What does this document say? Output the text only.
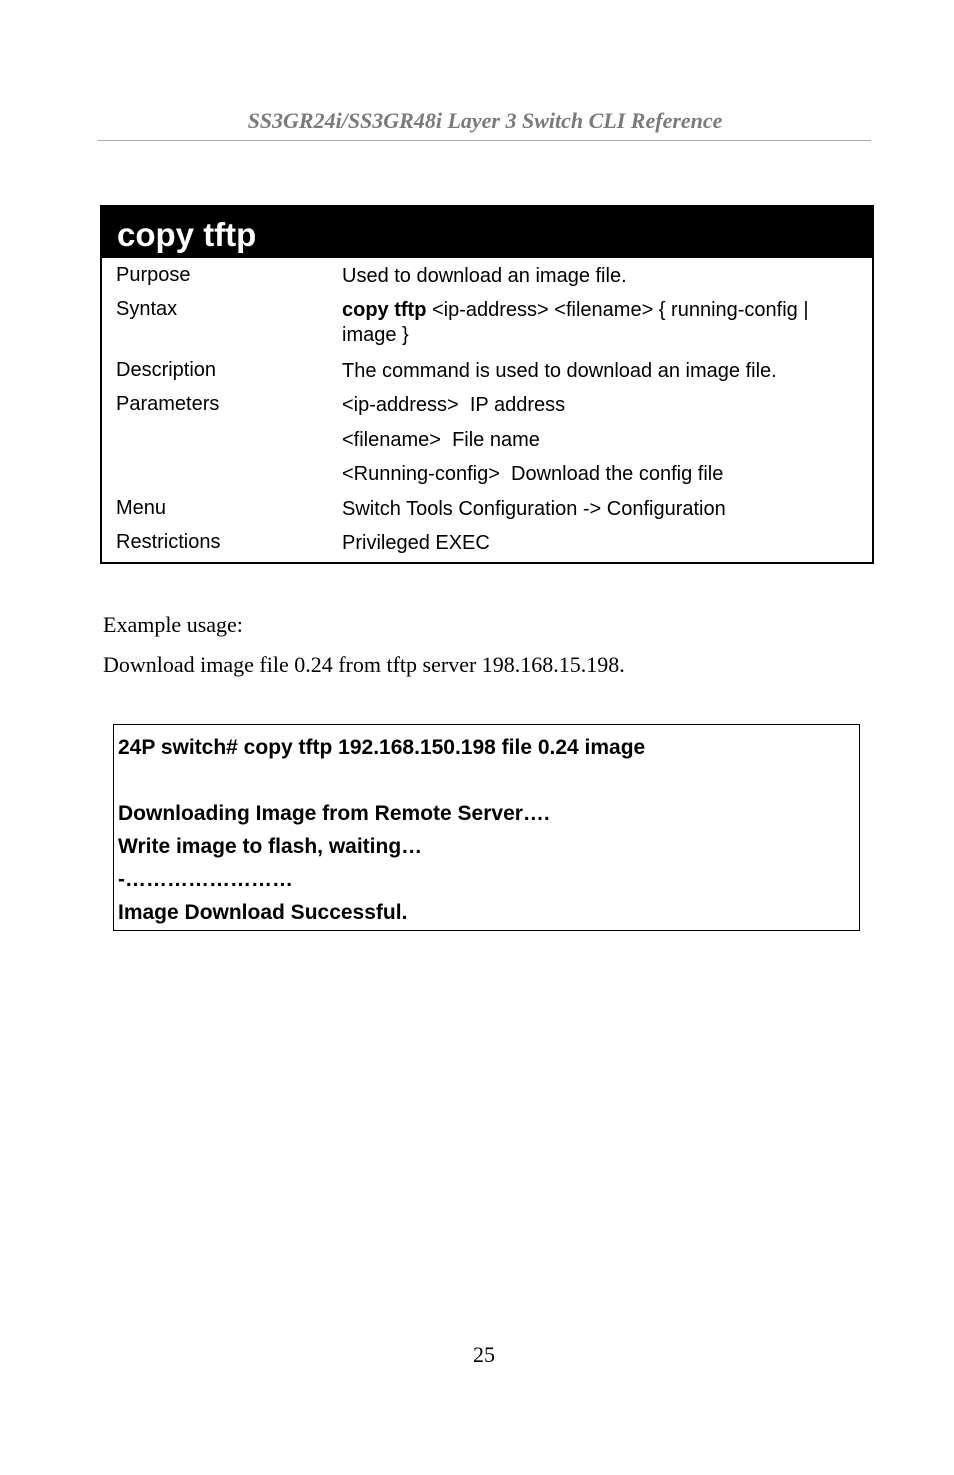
SS3GR24i/SS3GR48i Layer 3 Switch CLI Reference

copy tftp
Purpose	Used to download an image file.
Syntax	copy tftp <ip-address> <filename> { running-config | image }
Description	The command is used to download an image file.
Parameters	<ip-address>  IP address
<filename>  File name
<Running-config>  Download the config file
Menu	Switch Tools Configuration -> Configuration
Restrictions	Privileged EXEC

Example usage:

Download image file 0.24 from tftp server 198.168.15.198.

24P switch# copy tftp 192.168.150.198 file 0.24 image
Downloading Image from Remote Server….
Write image to flash, waiting…
-……………………
Image Download Successful.

25
